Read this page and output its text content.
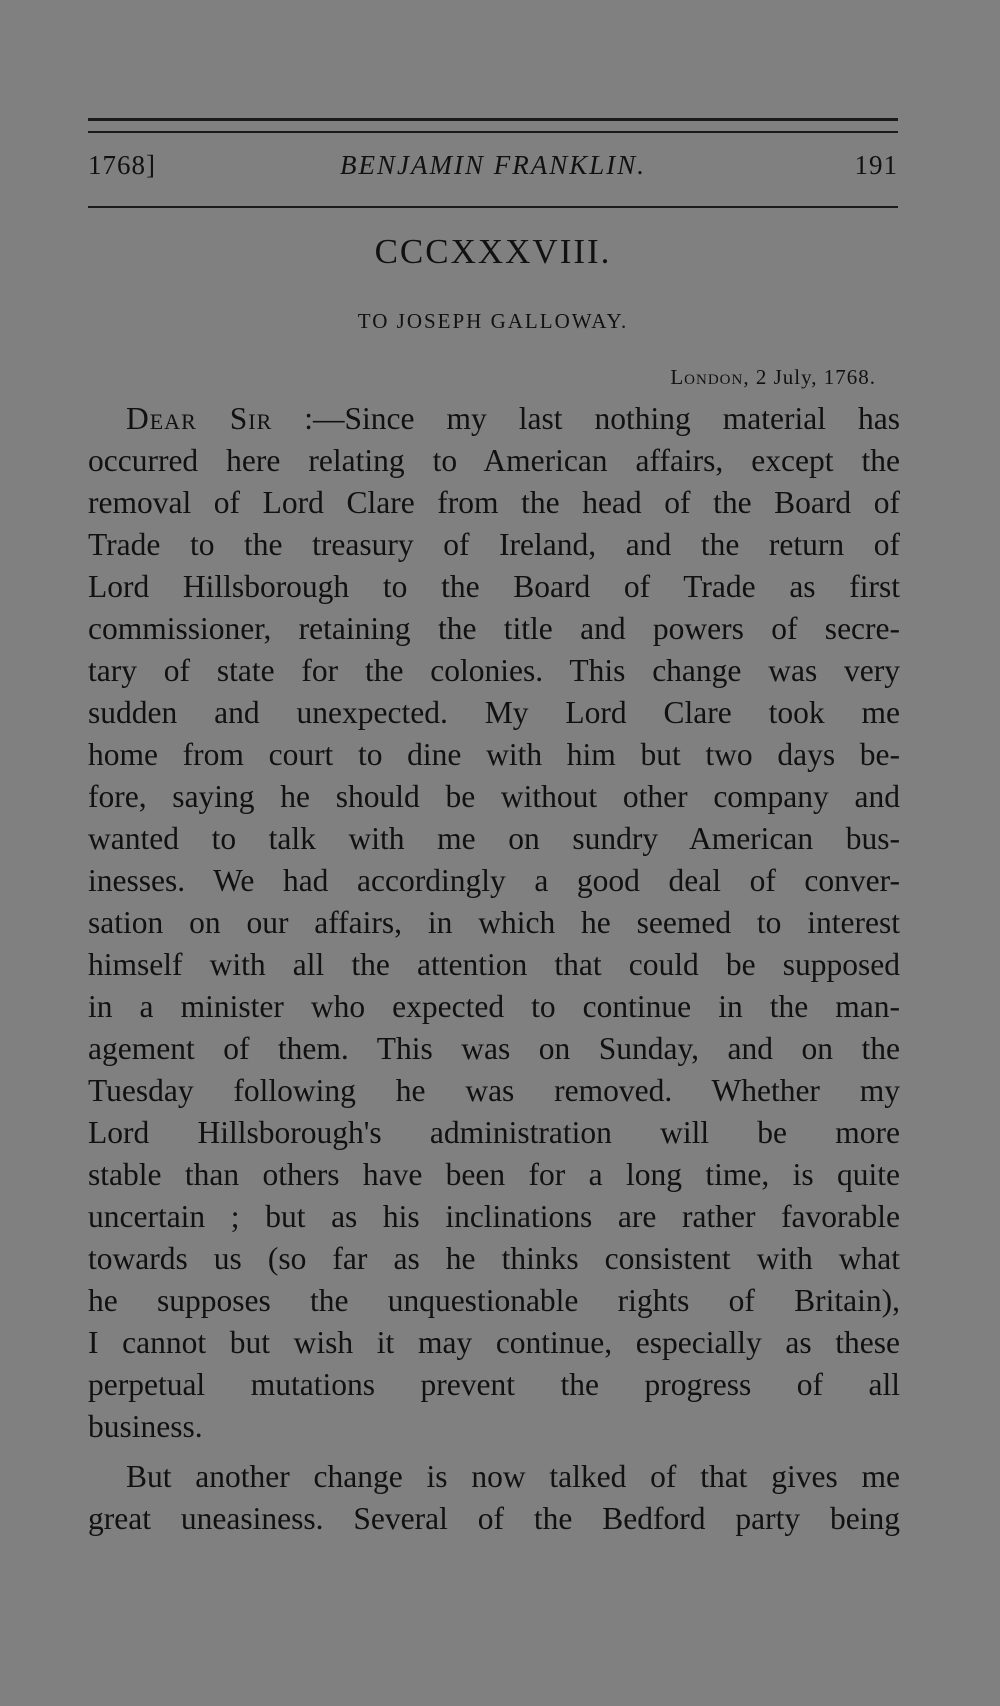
1768]	BENJAMIN FRANKLIN.	191
CCCXXXVIII.
TO JOSEPH GALLOWAY.
London, 2 July, 1768.
Dear Sir :—Since my last nothing material has
occurred here relating to American affairs, except the
removal of Lord Clare from the head of the Board of
Trade to the treasury of Ireland, and the return of
Lord Hillsborough to the Board of Trade as first
commissioner, retaining the title and powers of secre-
tary of state for the colonies. This change was very
sudden and unexpected. My Lord Clare took me
home from court to dine with him but two days be-
fore, saying he should be without other company and
wanted to talk with me on sundry American bus-
inesses. We had accordingly a good deal of conver-
sation on our affairs, in which he seemed to interest
himself with all the attention that could be supposed
in a minister who expected to continue in the man-
agement of them. This was on Sunday, and on the
Tuesday following he was removed. Whether my
Lord Hillsborough's administration will be more
stable than others have been for a long time, is quite
uncertain ; but as his inclinations are rather favorable
towards us (so far as he thinks consistent with what
he supposes the unquestionable rights of Britain),
I cannot but wish it may continue, especially as these
perpetual mutations prevent the progress of all
business.
But another change is now talked of that gives me
great uneasiness. Several of the Bedford party being
